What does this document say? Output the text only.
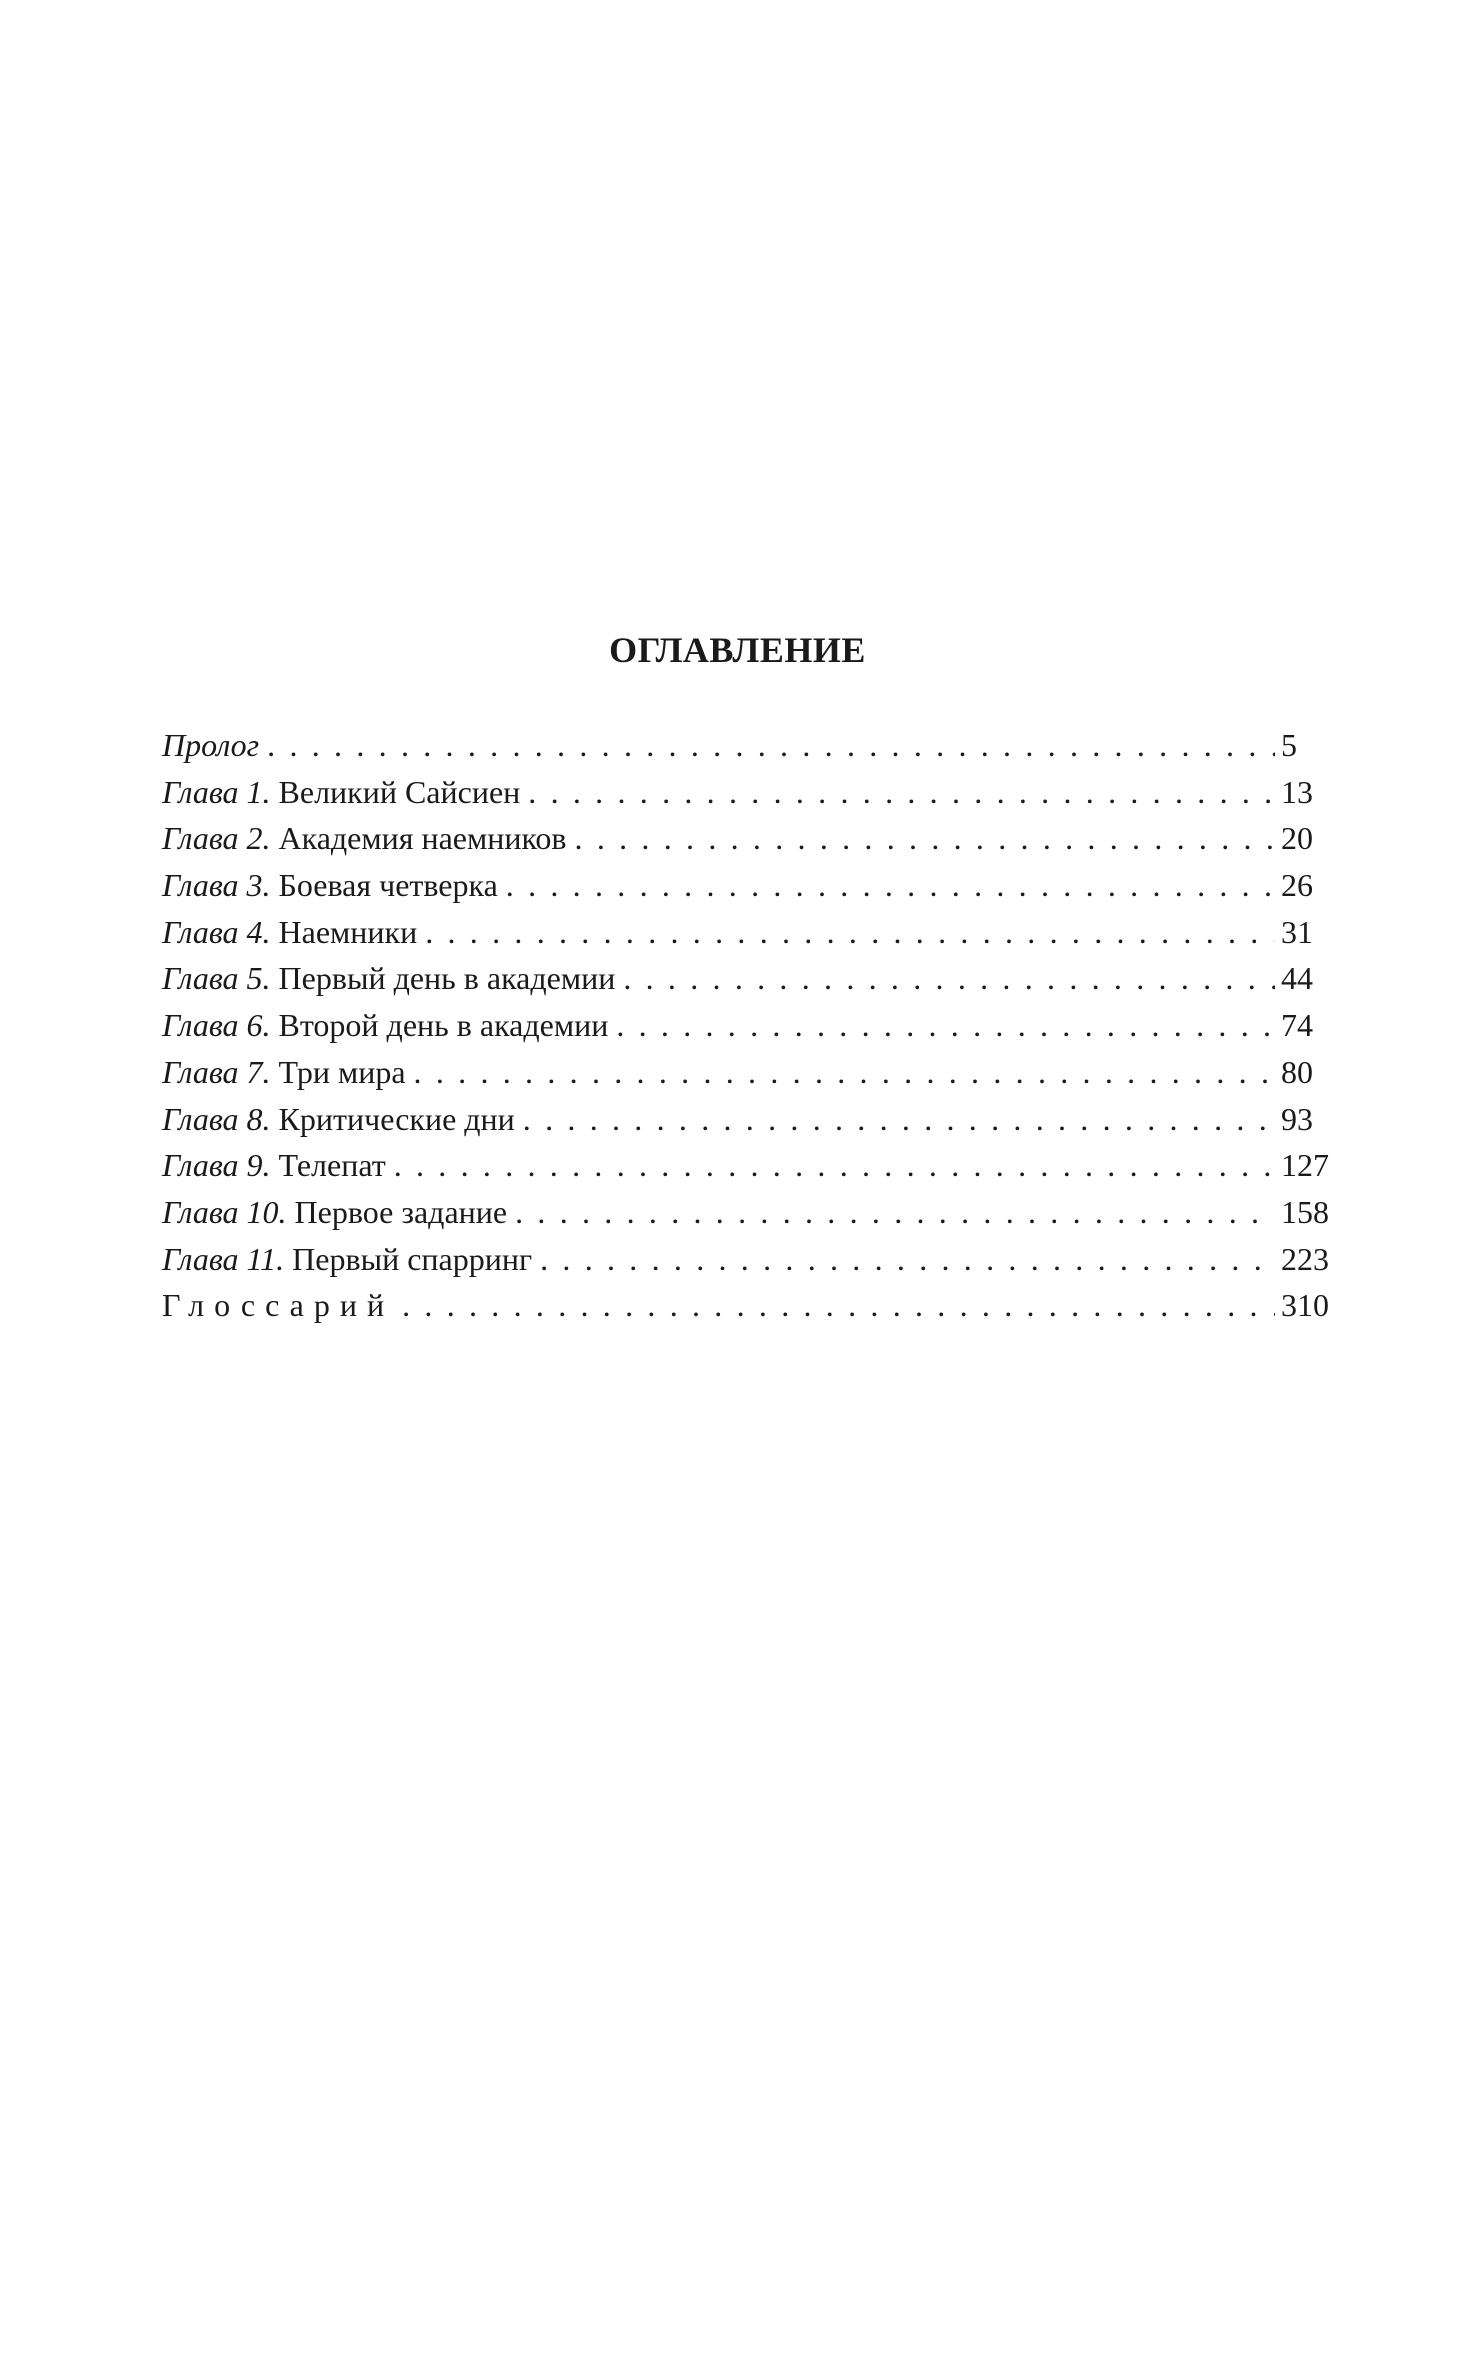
ОГЛАВЛЕНИЕ
Пролог . . .	5
Глава 1. Великий Сайсиен . . .	13
Глава 2. Академия наемников . . .	20
Глава 3. Боевая четверка . . .	26
Глава 4. Наемники . . .	31
Глава 5. Первый день в академии . . .	44
Глава 6. Второй день в академии . . .	74
Глава 7. Три мира . . .	80
Глава 8. Критические дни . . .	93
Глава 9. Телепат . . .	127
Глава 10. Первое задание . . .	158
Глава 11. Первый спарринг . . .	223
Глоссарий . . .	310
